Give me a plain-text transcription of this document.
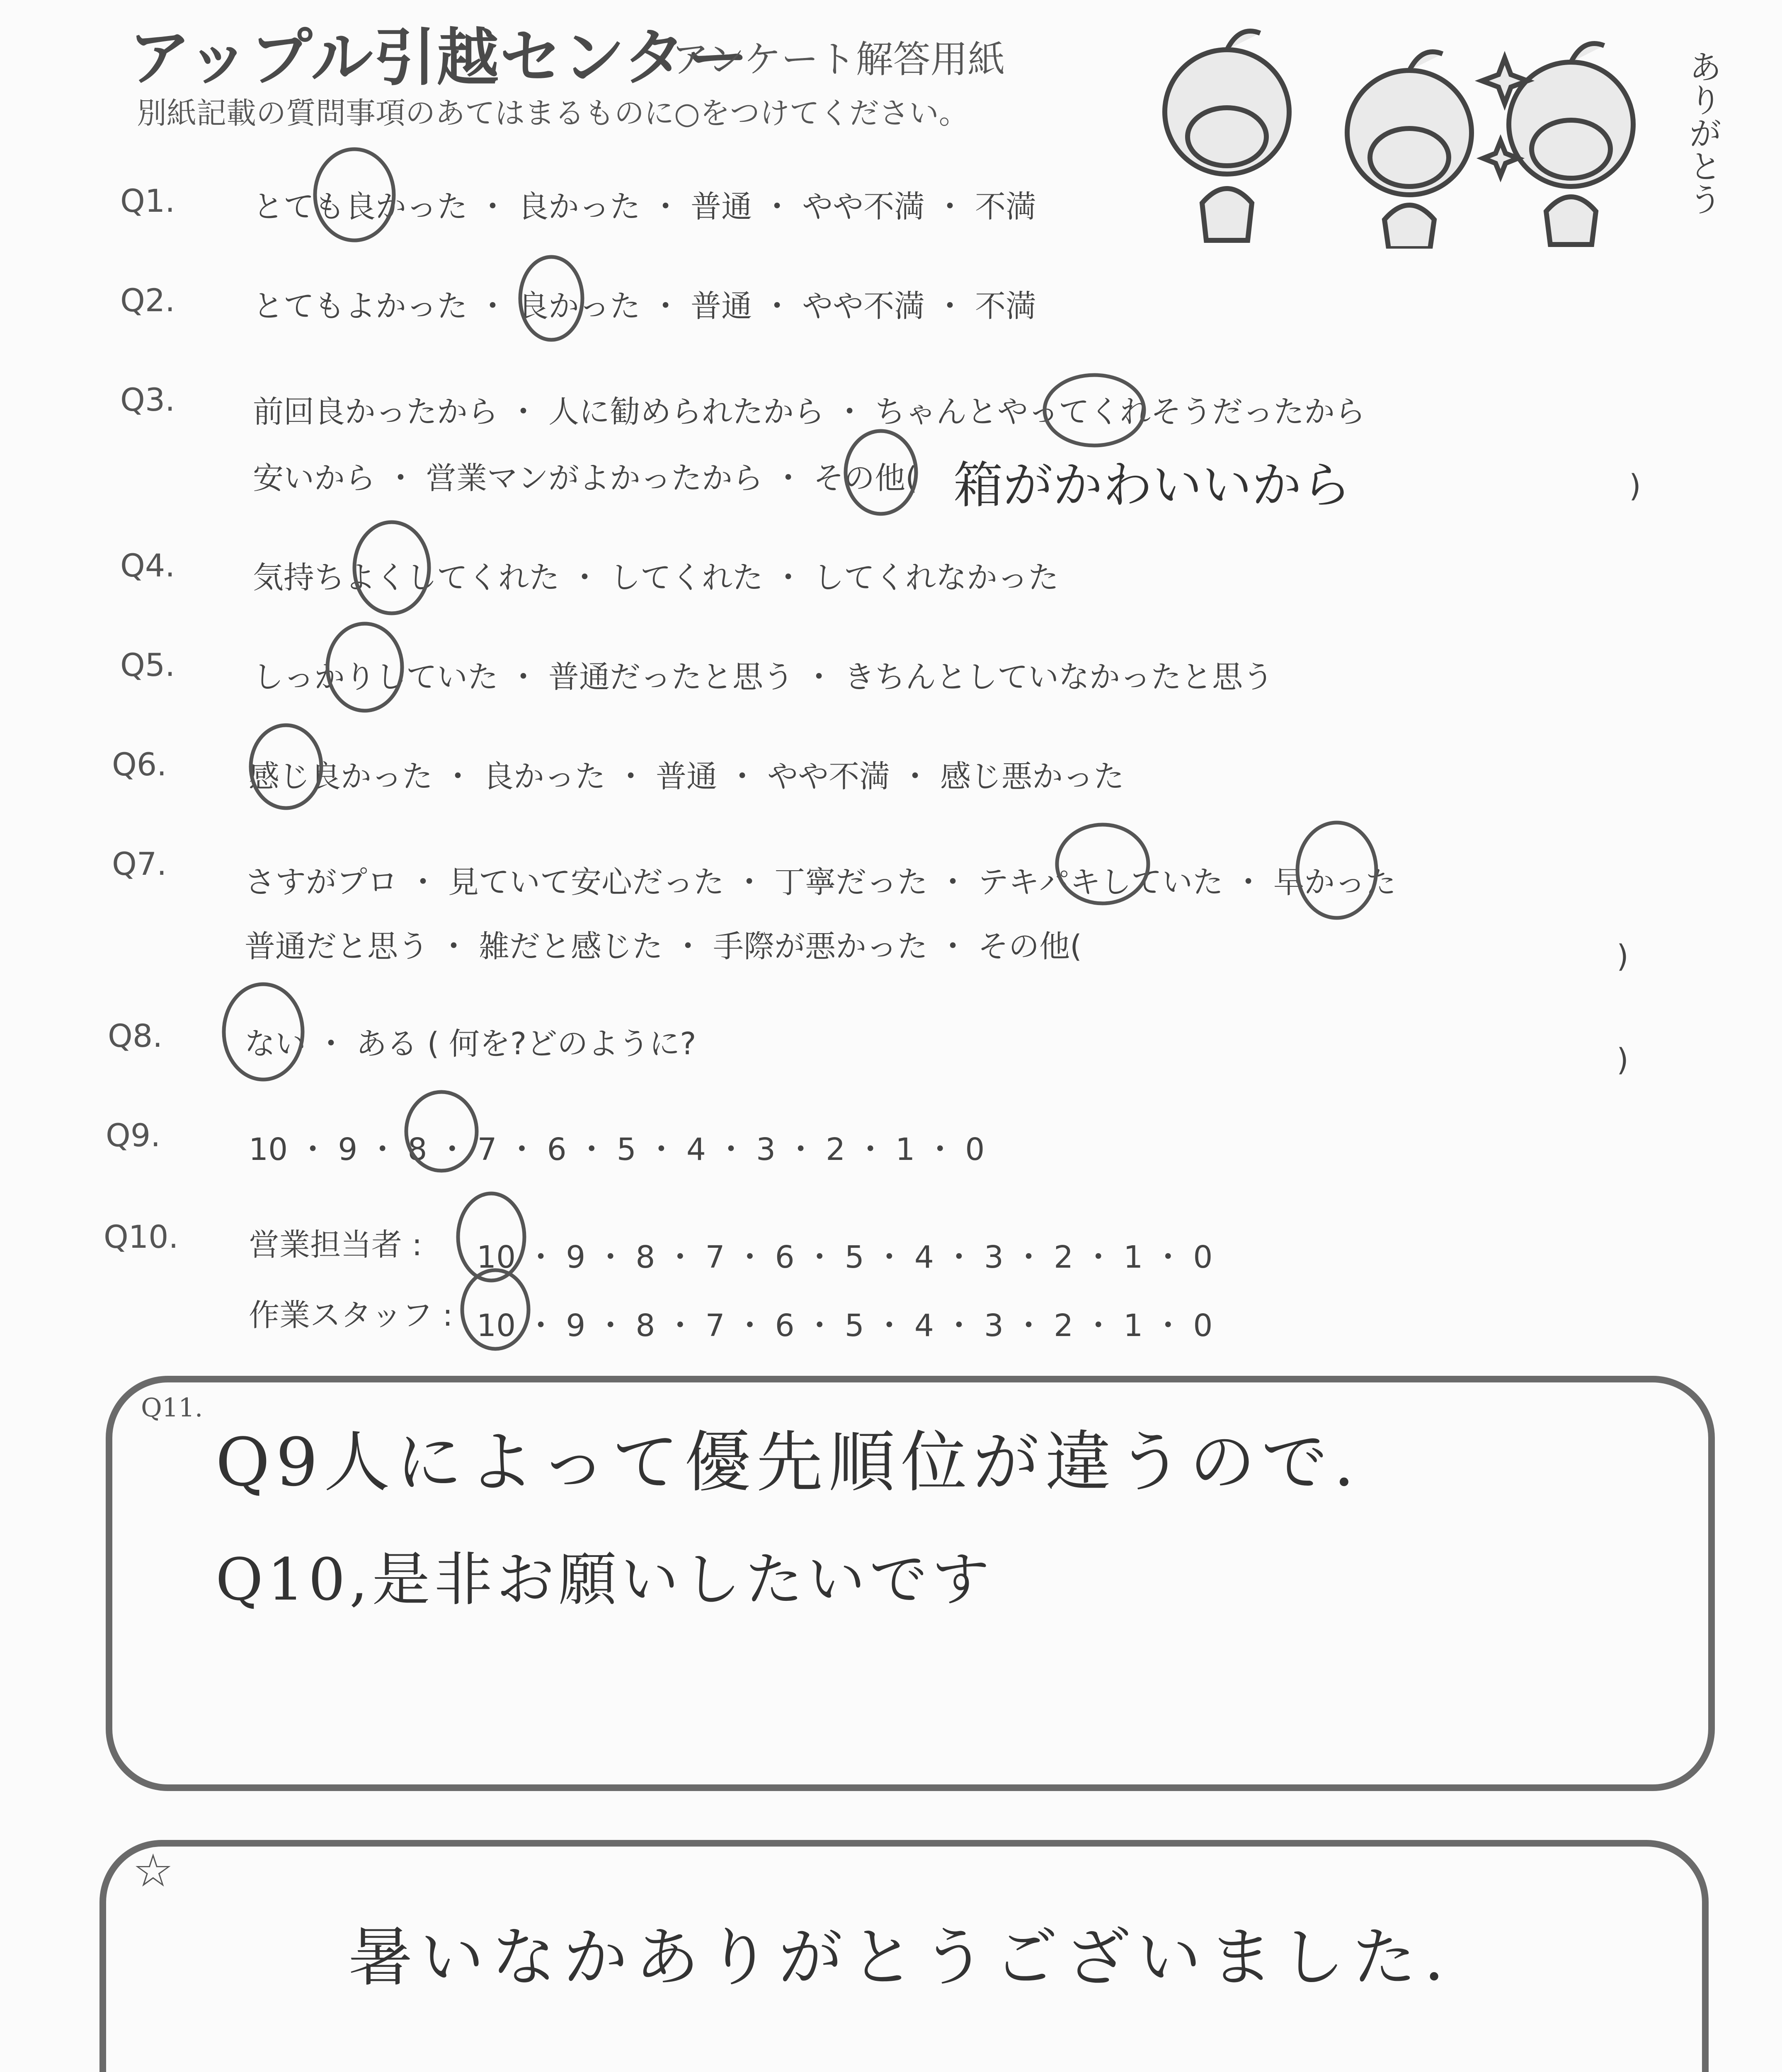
アップル引越センター
アンケート解答用紙
別紙記載の質問事項のあてはまるものに○をつけてください。	ありがとう
Q1.	とても良かった ・ 良かった ・ 普通 ・ やや不満 ・ 不満
Q2.	とてもよかった ・ 良かった ・ 普通 ・ やや不満 ・ 不満
Q3.	前回良かったから ・ 人に勧められたから ・ ちゃんとやってくれそうだったから
安いから ・ 営業マンがよかったから ・ その他( 箱がかわいいから	)
Q4.	気持ちよくしてくれた ・ してくれた ・ してくれなかった
Q5.	しっかりしていた ・ 普通だったと思う ・ きちんとしていなかったと思う
Q6.	感じ良かった ・ 良かった ・ 普通 ・ やや不満 ・ 感じ悪かった
Q7.	さすがプロ ・ 見ていて安心だった ・ 丁寧だった ・ テキパキしていた ・ 早かった
普通だと思う ・ 雑だと感じた ・ 手際が悪かった ・ その他(	)
Q8.	ない ・ ある ( 何を?どのように?	)
Q9.	10 ・ 9 ・ 8 ・ 7 ・ 6 ・ 5 ・ 4 ・ 3 ・ 2 ・ 1 ・ 0
Q10. 営業担当者 : 10 ・ 9 ・ 8 ・ 7 ・ 6 ・ 5 ・ 4 ・ 3 ・ 2 ・ 1 ・ 0
作業スタッフ : 10 ・ 9 ・ 8 ・ 7 ・ 6 ・ 5 ・ 4 ・ 3 ・ 2 ・ 1 ・ 0
Q11.
Q9人によって優先順位が違うので.
Q10,是非お願いしたいです
☆
暑いなかありがとうございました.
